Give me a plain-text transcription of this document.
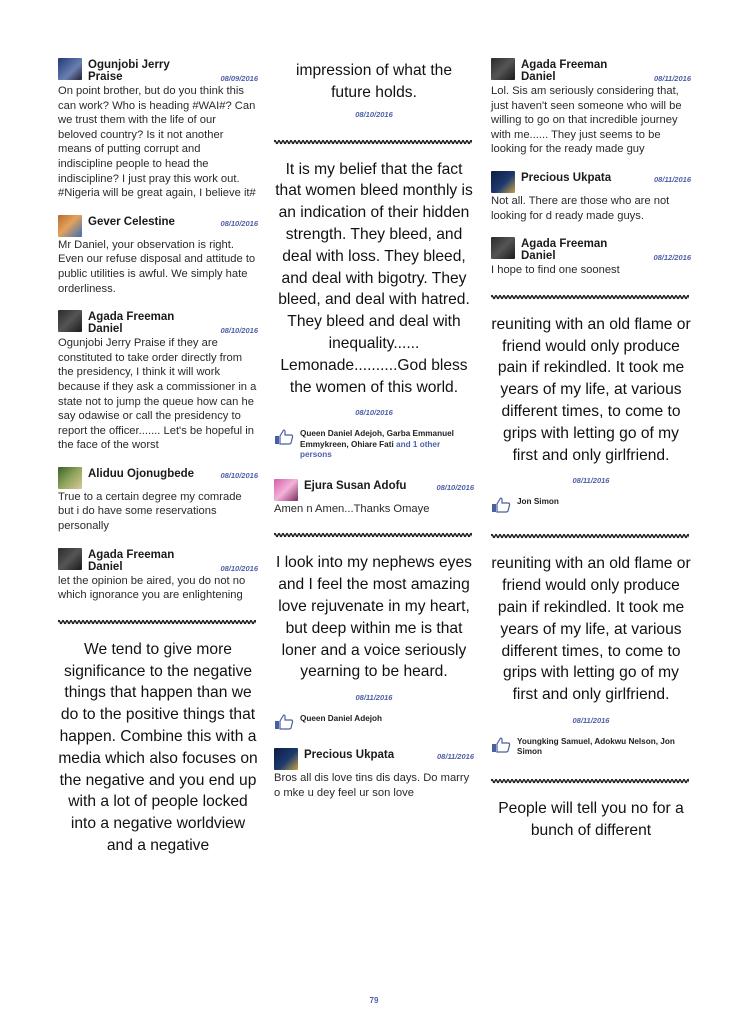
Ogunjobi Jerry Praise	08/09/2016
On point brother, but do you think this can work? Who is heading #WAI#? Can we trust them with the life of our beloved country? Is it not another means of putting corrupt and indiscipline people to head the indiscipline? I just pray this work out. #Nigeria will be great again, I believe it#
Gever Celestine	08/10/2016
Mr Daniel, your observation is right. Even our refuse disposal and attitude to public utilities is awful. We simply hate orderliness.
Agada Freeman Daniel	08/10/2016
Ogunjobi Jerry Praise if they are constituted to take order directly from the presidency, I think it will work because if they ask a commissioner in a state not to jump the queue how can he say odawise or call the presidency to report the officer....... Let's be hopeful in the face of the worst
Aliduu Ojonugbede	08/10/2016
True to a certain degree my comrade but i do have some reservations personally
Agada Freeman Daniel	08/10/2016
let the opinion be aired, you do not no which ignorance you are enlightening
We tend to give more significance to the negative things that happen than we do to the positive things that happen. Combine this with a media which also focuses on the negative and you end up with a lot of people locked into a negative worldview and a negative
impression of what the future holds.
08/10/2016
It is my belief that the fact that women bleed monthly is an indication of their hidden strength. They bleed, and deal with loss. They bleed, and deal with bigotry. They bleed, and deal with hatred. They bleed and deal with inequality...... Lemonade..........God bless the women of this world.
08/10/2016
Queen Daniel Adejoh, Garba Emmanuel Emmykreen, Ohiare Fati and 1 other persons
Ejura Susan Adofu	08/10/2016
Amen n Amen...Thanks Omaye
I look into my nephews eyes and I feel the most amazing love rejuvenate in my heart, but deep within me is that loner and a voice seriously yearning to be heard.
08/11/2016
Queen Daniel Adejoh
Precious Ukpata	08/11/2016
Bros all dis love tins dis days. Do marry o mke u dey feel ur son love
Agada Freeman Daniel	08/11/2016
Lol. Sis am seriously considering that, just haven't seen someone who will be willing to go on that incredible journey with me...... They just seems to be looking for the ready made guy
Precious Ukpata	08/11/2016
Not all. There are those who are not looking for d ready made guys.
Agada Freeman Daniel	08/12/2016
I hope to find one soonest
reuniting with an old flame or friend would only produce pain if rekindled. It took me years of my life, at various different times, to come to grips with letting go of my first and only girlfriend.
08/11/2016
Jon Simon
reuniting with an old flame or friend would only produce pain if rekindled. It took me years of my life, at various different times, to come to grips with letting go of my first and only girlfriend.
08/11/2016
Youngking Samuel, Adokwu Nelson, Jon Simon
People will tell you no for a bunch of different
79
